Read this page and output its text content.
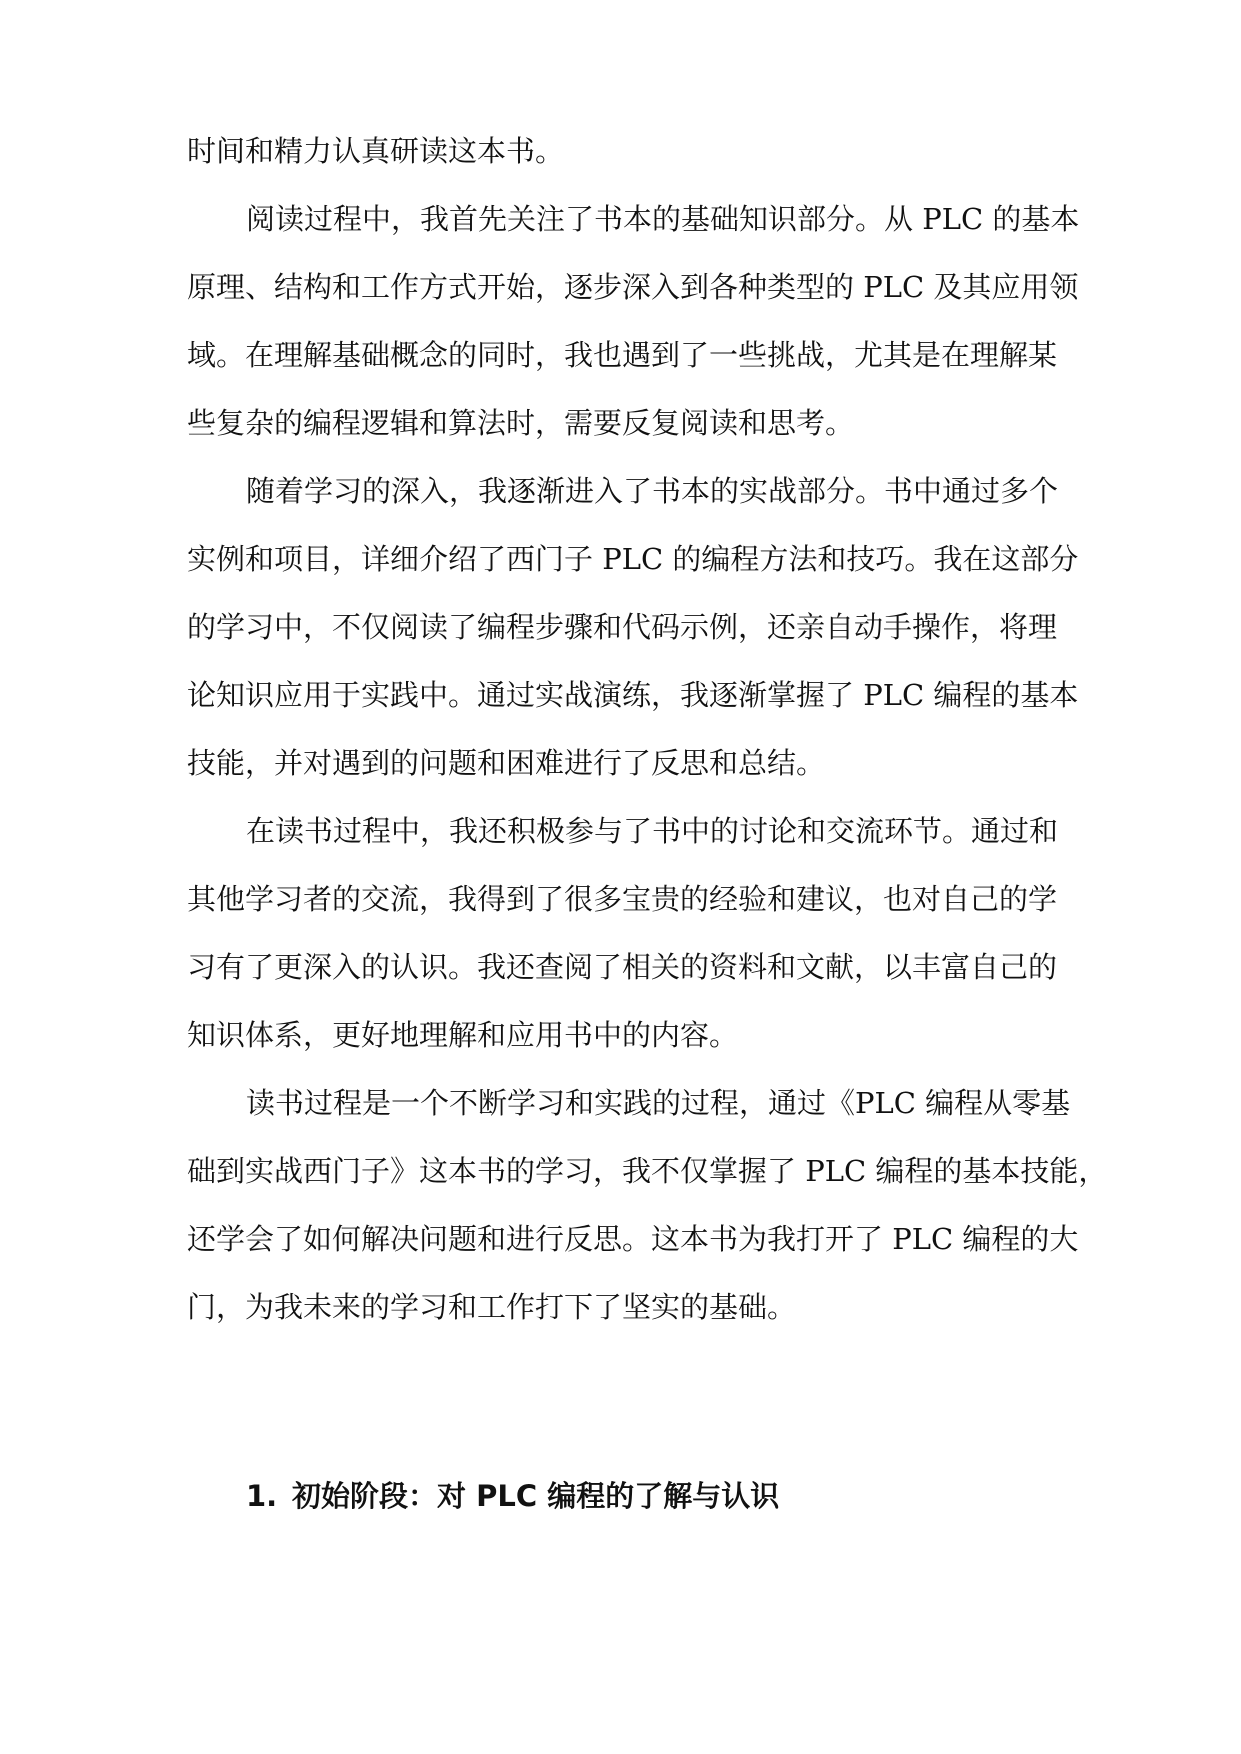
时间和精力认真研读这本书。
阅读过程中，我首先关注了书本的基础知识部分。从 PLC 的基本
原理、结构和工作方式开始，逐步深入到各种类型的 PLC 及其应用领
域。在理解基础概念的同时，我也遇到了一些挑战，尤其是在理解某
些复杂的编程逻辑和算法时，需要反复阅读和思考。
随着学习的深入，我逐渐进入了书本的实战部分。书中通过多个
实例和项目，详细介绍了西门子 PLC 的编程方法和技巧。我在这部分
的学习中，不仅阅读了编程步骤和代码示例，还亲自动手操作，将理
论知识应用于实践中。通过实战演练，我逐渐掌握了 PLC 编程的基本
技能，并对遇到的问题和困难进行了反思和总结。
在读书过程中，我还积极参与了书中的讨论和交流环节。通过和
其他学习者的交流，我得到了很多宝贵的经验和建议，也对自己的学
习有了更深入的认识。我还查阅了相关的资料和文献，以丰富自己的
知识体系，更好地理解和应用书中的内容。
读书过程是一个不断学习和实践的过程，通过《PLC 编程从零基
础到实战西门子》这本书的学习，我不仅掌握了 PLC 编程的基本技能，
还学会了如何解决问题和进行反思。这本书为我打开了 PLC 编程的大
门，为我未来的学习和工作打下了坚实的基础。
1. 初始阶段：对 PLC 编程的了解与认识
